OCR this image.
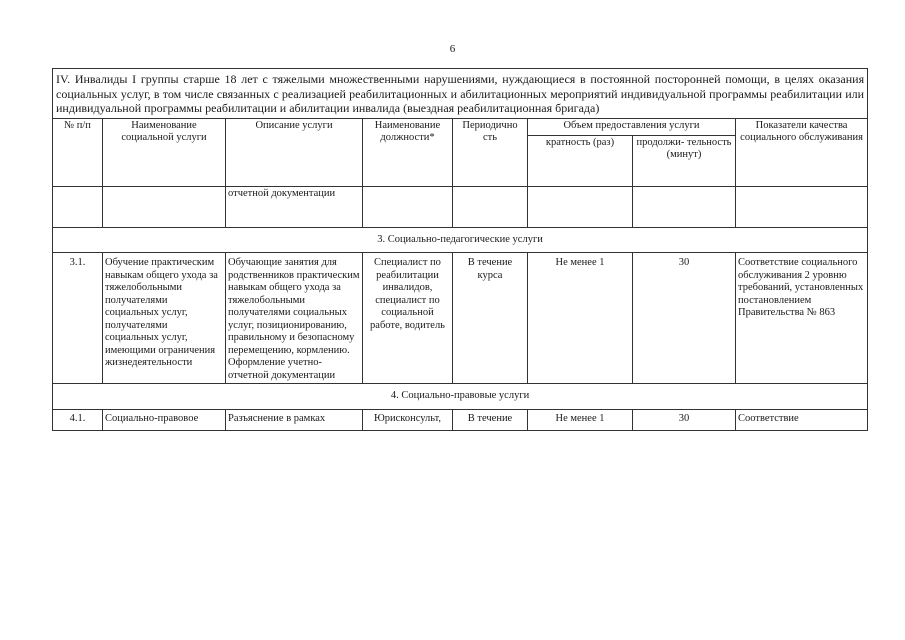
6
IV. Инвалиды I группы старше 18 лет с тяжелыми множественными нарушениями, нуждающиеся в постоянной посторонней помощи, в целях оказания социальных услуг, в том числе связанных с реализацией реабилитационных и абилитационных мероприятий индивидуальной программы реабилитации или индивидуальной программы реабилитации и абилитации инвалида (выездная реабилитационная бригада)							
№ п/п	Наименование социальной услуги	Описание услуги	Наименование должности*	Периодично сть	Объем предоставления услуги		Показатели качества социального обслуживания
					кратность (раз)	продолжи- тельность (минут)	
		отчетной документации					
3. Социально-педагогические услуги							
3.1.	Обучение практическим навыкам общего ухода за тяжелобольными получателями социальных услуг, получателями социальных услуг, имеющими ограничения жизнедеятельности	Обучающие занятия для родственников практическим навыкам общего ухода за тяжелобольными получателями социальных услуг, позиционированию, правильному и безопасному перемещению, кормлению. Оформление учетно-отчетной документации	Специалист по реабилитации инвалидов, специалист по социальной работе, водитель	В течение курса	Не менее 1	30	Соответствие социального обслуживания 2 уровню требований, установленных постановлением Правительства № 863
4. Социально-правовые услуги							
4.1.	Социально-правовое	Разъяснение в рамках	Юрисконсульт,	В течение	Не менее 1	30	Соответствие
